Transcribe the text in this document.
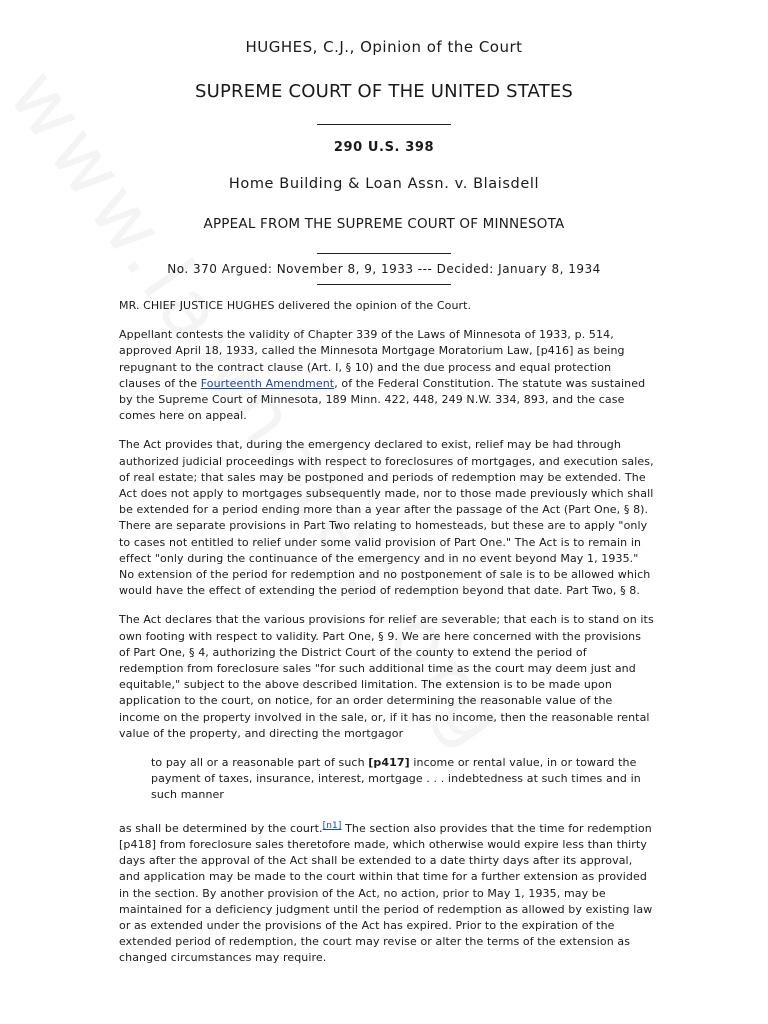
HUGHES, C.J., Opinion of the Court
SUPREME COURT OF THE UNITED STATES
290 U.S. 398
Home Building & Loan Assn. v. Blaisdell
APPEAL FROM THE SUPREME COURT OF MINNESOTA
No. 370 Argued: November 8, 9, 1933 --- Decided: January 8, 1934

MR. CHIEF JUSTICE HUGHES delivered the opinion of the Court.

Appellant contests the validity of Chapter 339 of the Laws of Minnesota of 1933, p. 514, approved April 18, 1933, called the Minnesota Mortgage Moratorium Law, [p416] as being repugnant to the contract clause (Art. I, § 10) and the due process and equal protection clauses of the Fourteenth Amendment, of the Federal Constitution. The statute was sustained by the Supreme Court of Minnesota, 189 Minn. 422, 448, 249 N.W. 334, 893, and the case comes here on appeal.

The Act provides that, during the emergency declared to exist, relief may be had through authorized judicial proceedings with respect to foreclosures of mortgages, and execution sales, of real estate; that sales may be postponed and periods of redemption may be extended. The Act does not apply to mortgages subsequently made, nor to those made previously which shall be extended for a period ending more than a year after the passage of the Act (Part One, § 8). There are separate provisions in Part Two relating to homesteads, but these are to apply "only to cases not entitled to relief under some valid provision of Part One." The Act is to remain in effect "only during the continuance of the emergency and in no event beyond May 1, 1935." No extension of the period for redemption and no postponement of sale is to be allowed which would have the effect of extending the period of redemption beyond that date. Part Two, § 8.

The Act declares that the various provisions for relief are severable; that each is to stand on its own footing with respect to validity. Part One, § 9. We are here concerned with the provisions of Part One, § 4, authorizing the District Court of the county to extend the period of redemption from foreclosure sales "for such additional time as the court may deem just and equitable," subject to the above described limitation. The extension is to be made upon application to the court, on notice, for an order determining the reasonable value of the income on the property involved in the sale, or, if it has no income, then the reasonable rental value of the property, and directing the mortgagor

to pay all or a reasonable part of such [p417] income or rental value, in or toward the payment of taxes, insurance, interest, mortgage . . . indebtedness at such times and in such manner

as shall be determined by the court.[n1] The section also provides that the time for redemption [p418] from foreclosure sales theretofore made, which otherwise would expire less than thirty days after the approval of the Act shall be extended to a date thirty days after its approval, and application may be made to the court within that time for a further extension as provided in the section. By another provision of the Act, no action, prior to May 1, 1935, may be maintained for a deficiency judgment until the period of redemption as allowed by existing law or as extended under the provisions of the Act has expired. Prior to the expiration of the extended period of redemption, the court may revise or alter the terms of the extension as changed circumstances may require.
